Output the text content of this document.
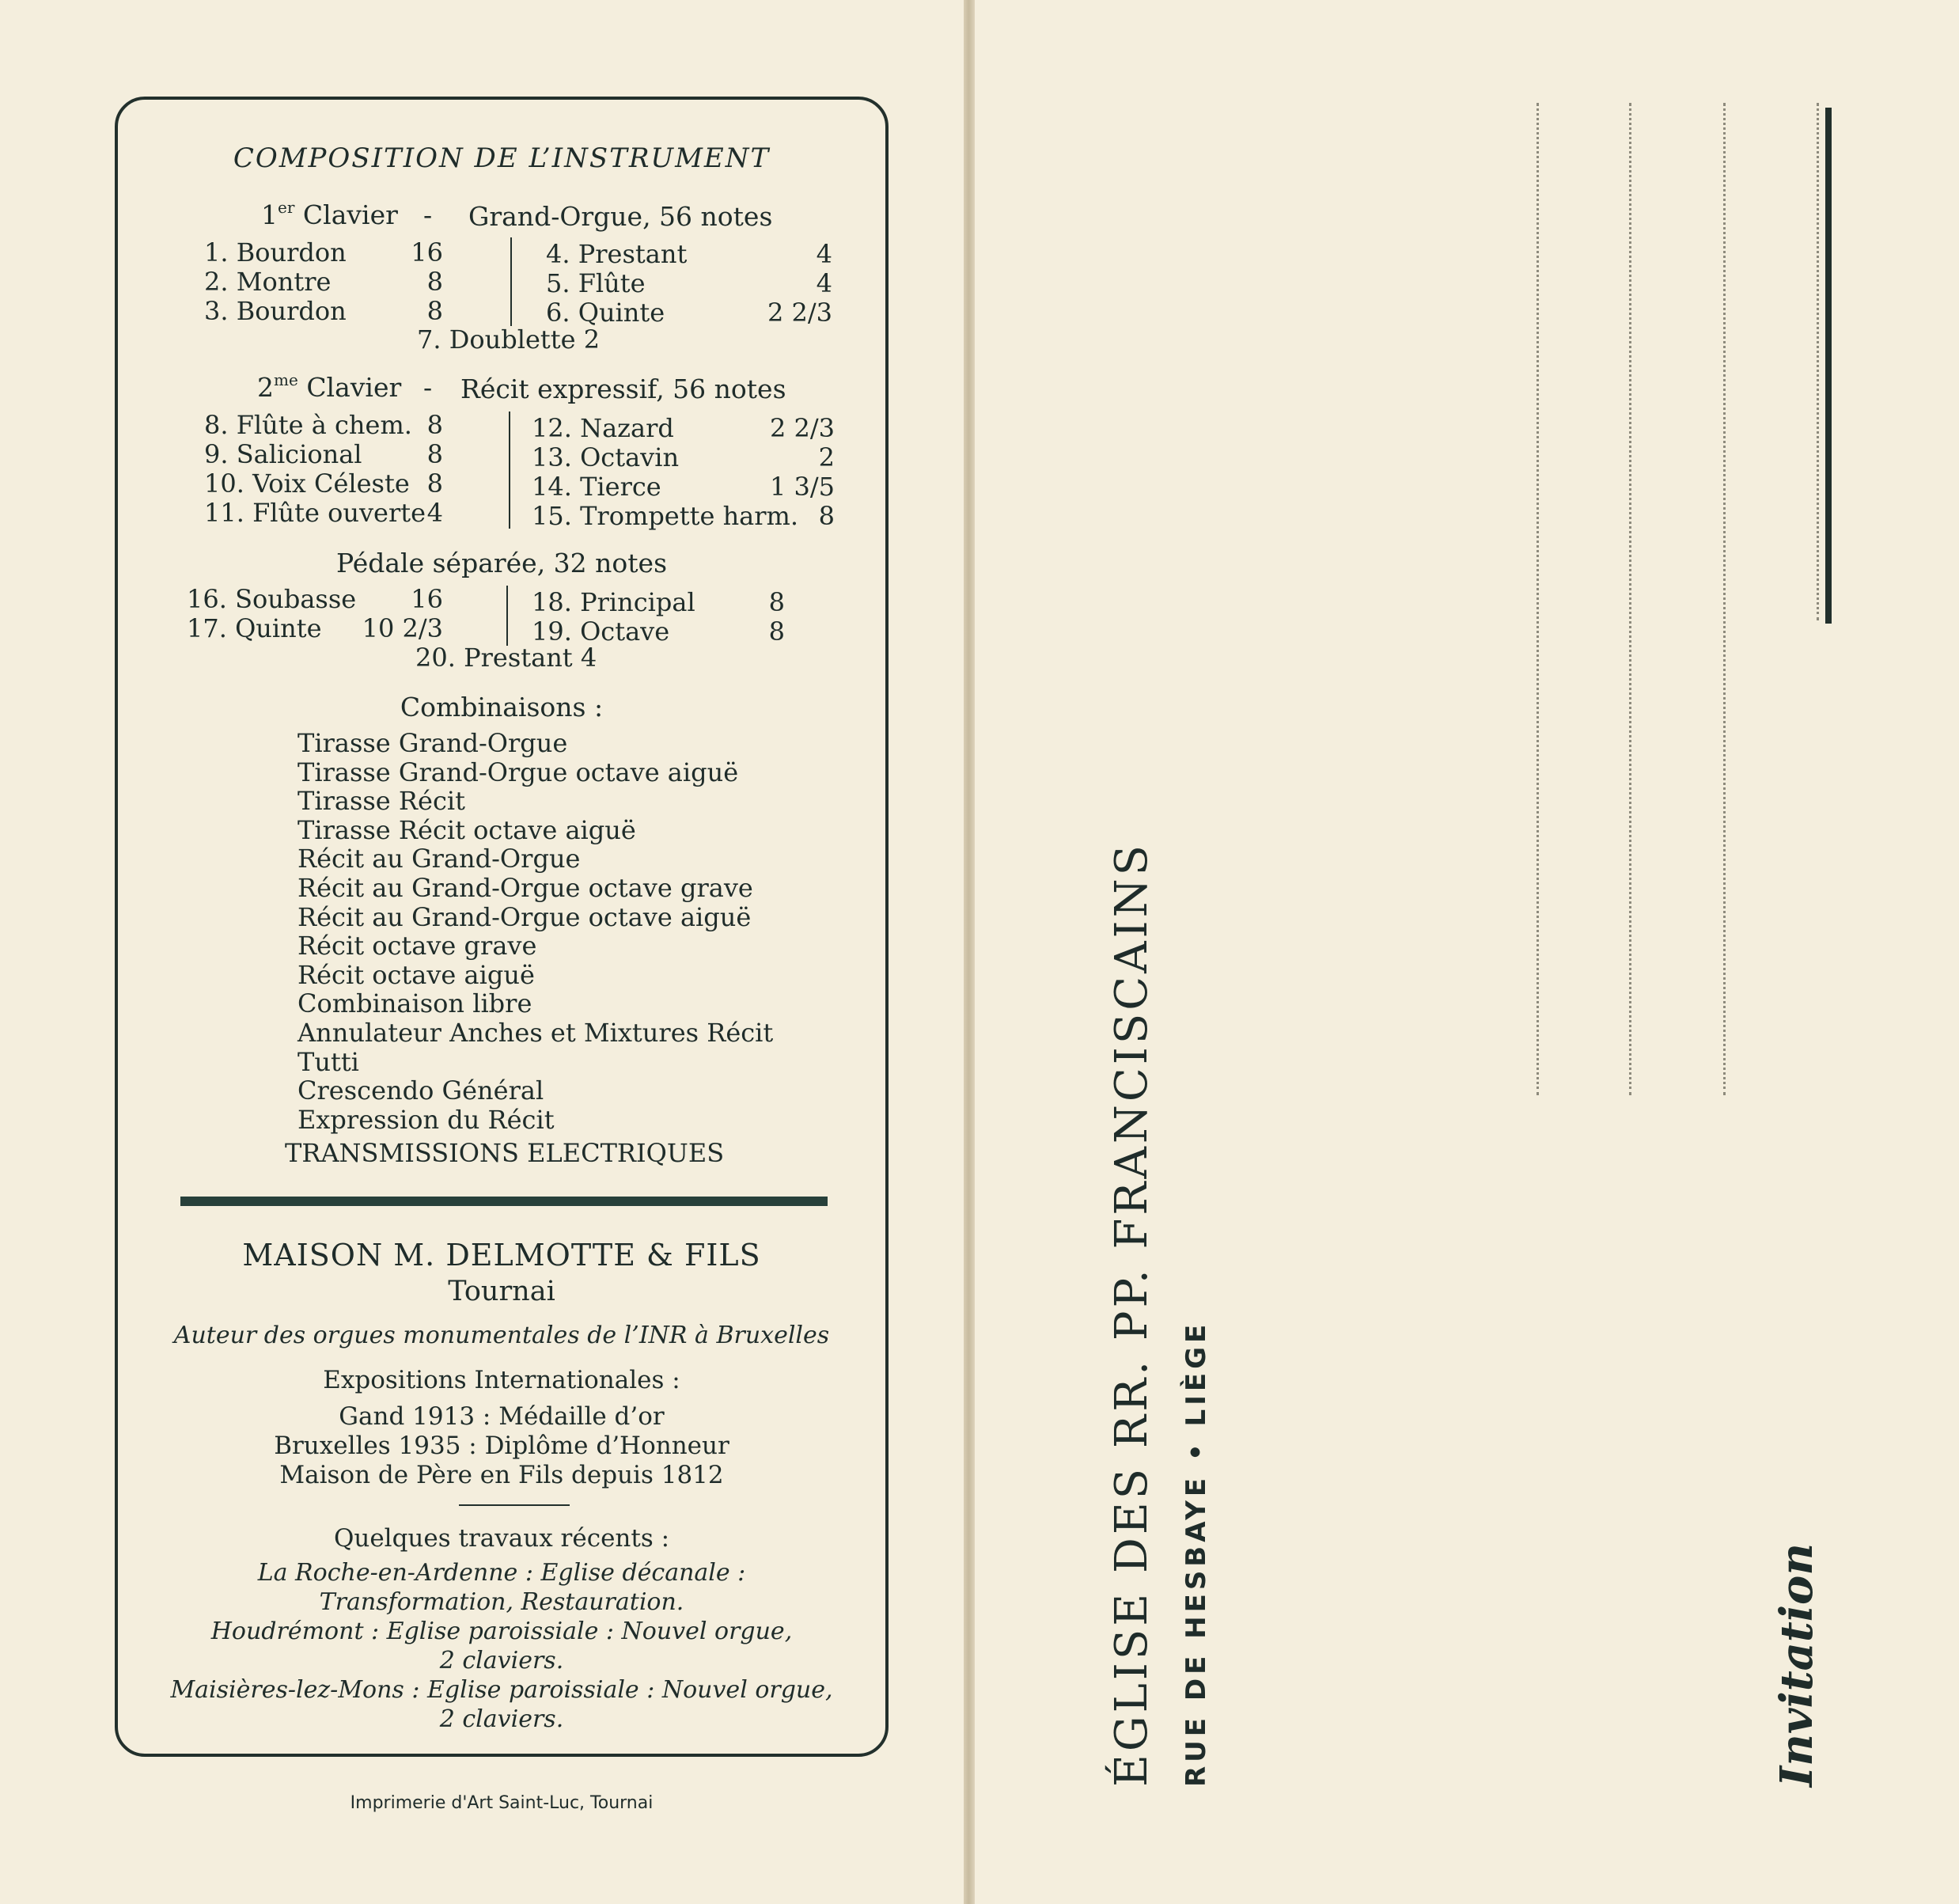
COMPOSITION DE L’INSTRUMENT
1er Clavier - Grand-Orgue, 56 notes
1. Bourdon	16
2. Montre	8
3. Bourdon	8
4. Prestant	4
5. Flûte	4
6. Quinte	2 2/3
7. Doublette 2
$2^{me}$ Clavier - Récit expressif, 56 notes
8. Flûte à chem. 8
9. Salicional	8
10. Voix Céleste 8
11. Flûte ouverte 4
12. Nazard	2 2/3
13. Octavin	2
14. Tierce	1 3/5
15. Trompette harm. 8
Pédale séparée, 32 notes
16. Soubasse	16
17. Quinte	10 2/3
18. Principal	8
19. Octave	8
20. Prestant 4
Combinaisons :
Tirasse Grand-Orgue
Tirasse Grand-Orgue octave aiguë
Tirasse Récit
Tirasse Récit octave aiguë
Récit au Grand-Orgue
Récit au Grand-Orgue octave grave
Récit au Grand-Orgue octave aiguë
Récit octave grave
Récit octave aiguë
Combinaison libre
Annulateur Anches et Mixtures Récit
Tutti
Crescendo Général
Expression du Récit
TRANSMISSIONS ELECTRIQUES
MAISON M. DELMOTTE & FILS
Tournai
Auteur des orgues monumentales de l’INR à Bruxelles
Expositions Internationales :
Gand 1913 : Médaille d’or
Bruxelles 1935 : Diplôme d’Honneur
Maison de Père en Fils depuis 1812
Quelques travaux récents :
La Roche-en-Ardenne : Eglise décanale :
Transformation, Restauration.
Houdrémont : Eglise paroissiale : Nouvel orgue,
2 claviers.
Maisières-lez-Mons : Eglise paroissiale : Nouvel orgue,
2 claviers.
Imprimerie d'Art Saint-Luc, Tournai
ÉGLISE DES RR. PP. FRANCISCAINS RUE DE HESBAYE • LIÈGE	Invitation
